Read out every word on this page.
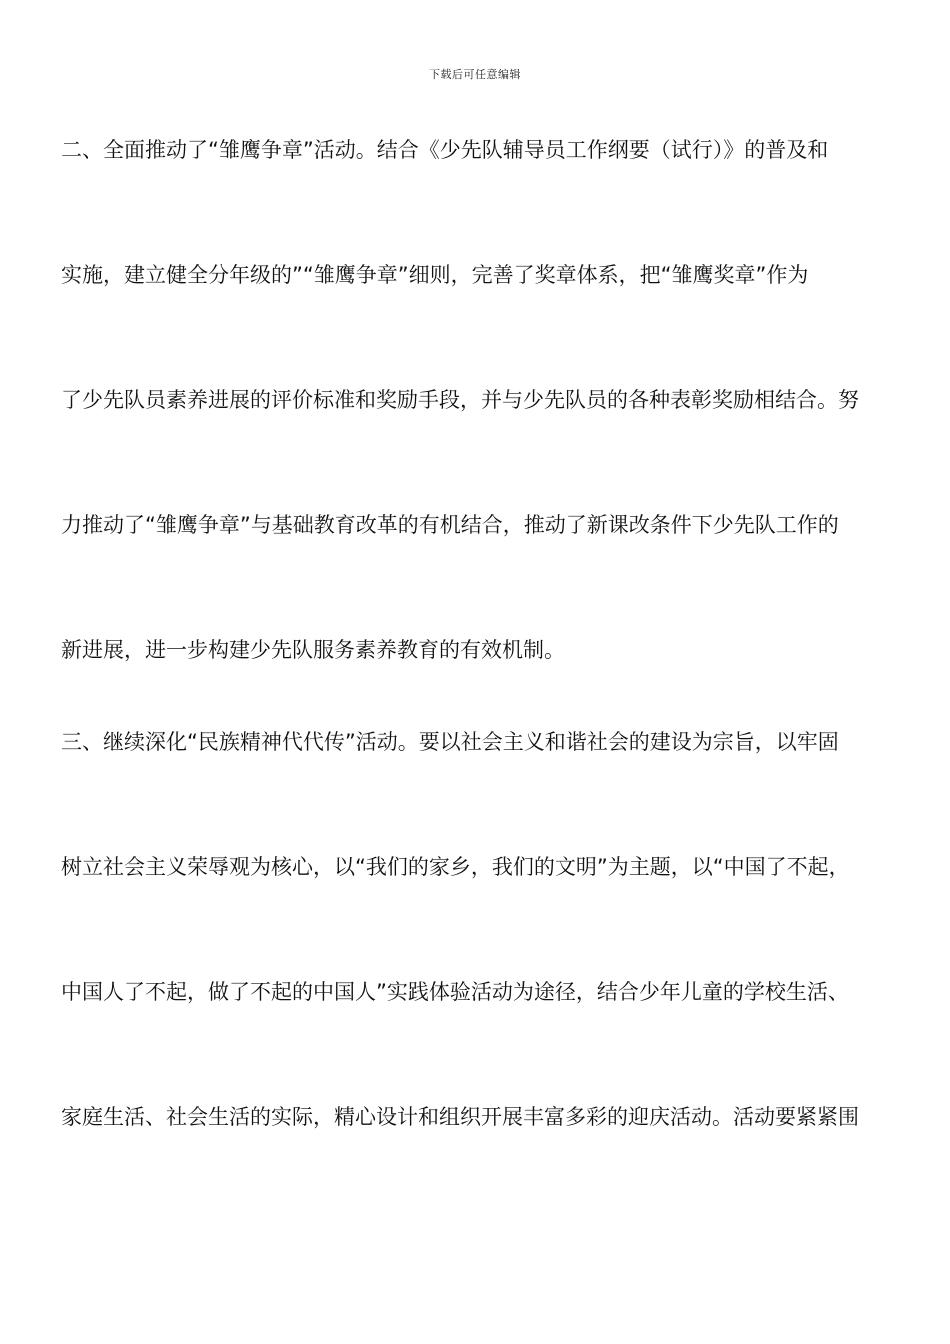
下载后可任意编辑
二、全面推动了“雏鹰争章”活动。结合《少先队辅导员工作纲要（试行）》的普及和
实施，建立健全分年级的”“雏鹰争章”细则，完善了奖章体系，把“雏鹰奖章”作为
了少先队员素养进展的评价标准和奖励手段，并与少先队员的各种表彰奖励相结合。努
力推动了“雏鹰争章”与基础教育改革的有机结合，推动了新课改条件下少先队工作的
新进展，进一步构建少先队服务素养教育的有效机制。
三、继续深化“民族精神代代传”活动。要以社会主义和谐社会的建设为宗旨，以牢固
树立社会主义荣辱观为核心，以“我们的家乡，我们的文明”为主题，以“中国了不起，
中国人了不起，做了不起的中国人”实践体验活动为途径，结合少年儿童的学校生活、
家庭生活、社会生活的实际，精心设计和组织开展丰富多彩的迎庆活动。活动要紧紧围
